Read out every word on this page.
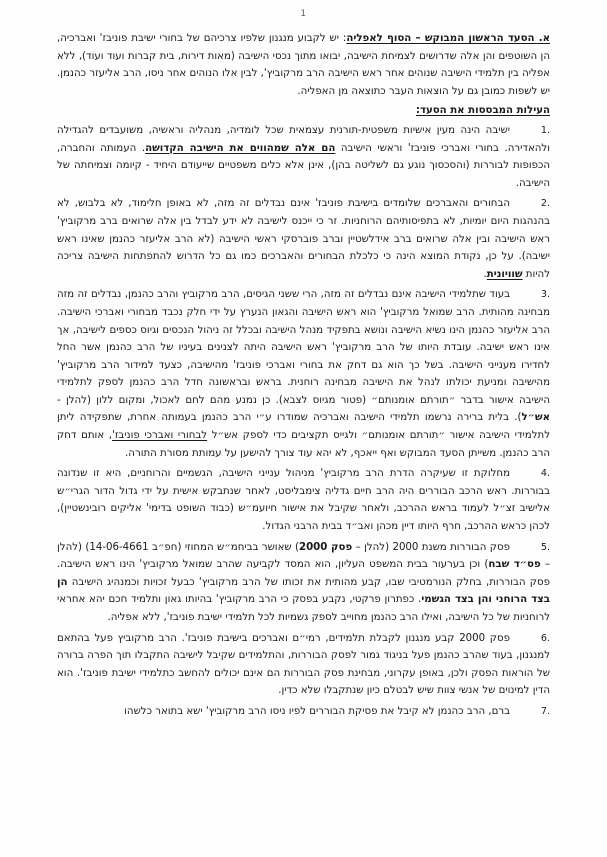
1

א. הסעד הראשון המבוקש – הסוף לאפליה: יש לקבוע מנגנון שלפיו צרכיהם של בחורי ישיבת פוניבז' ואברכיה, הן השוטפים והן אלה שדרושים לצמיחת הישיבה, יבואו מתוך נכסי הישיבה (מאות דירות, בית קברות ועוד ועוד), ללא אפליה בין תלמידי הישיבה שנוהים אחר ראש הישיבה הרב מרקוביץ', לבין אלו הנוהים אחר ניסו, הרב אליעזר כהנמן. יש לשפות כמובן גם על הוצאות העבר כתוצאה מן האפליה.

העילות המבססות את הסעד:

1.ישיבה הינה מעין אישיות משפטית-תורנית עצמאית שכל לומדיה, מנהליה וראשיה, משועבדים להגדילה ולהאדירה. בחורי ואברכי פוניבז' וראשי הישיבה הם אלה שמהווים את הישיבה הקדושה. העמותה והחברה, הכפופות לבוררות (והסכסוך נוגע גם לשליטה בהן), אינן אלא כלים משפטיים שייעודם היחיד - קיומה וצמיחתה של הישיבה.
2.הבחורים והאברכים שלומדים בישיבת פוניבז' אינם נבדלים זה מזה, לא באופן חלימוד, לא בלבוש, לא בהנהגות היום יומיות, לא בתפיסותיהם הרוחניות. זר כי ייכנס לישיבה לא ידע לבדל בין אלה שרואים ברב מרקוביץ' ראש הישיבה ובין אלה שרואים ברב אידלשטיין וברב פוברסקי ראשי הישיבה (לא הרב אליעזר כהנמן שאינו ראש ישיבה). על כן, נקודת המוצא הינה כי כלכלת הבחורים והאברכים כמו גם כל הדרוש להתפתחות הישיבה צריכה להיות שוויונית.
3.בעוד שתלמידי הישיבה אינם נבדלים זה מזה, הרי ששני הגיסים, הרב מרקוביץ והרב כהנמן, נבדלים זה מזה מבחינה מהותית. הרב שמואל מרקוביץ' הוא ראש הישיבה והגאון הנערץ על ידי חלק נכבד מבחורי ואברכי הישיבה. הרב אליעזר כהנמן הינו נשיא הישיבה ונושא בתפקיד מנהל הישיבה ובכלל זה ניהול הנכסים וגיוס כספים לישיבה, אך אינו ראש ישיבה. עובדת היותו של הרב מרקוביץ' ראש הישיבה היתה לצנינים בעיניו של הרב כהנמן אשר החל לחדירו מענייני הישיבה. בשל כך הוא גם דחק את בחורי ואברכי פוניבז' מהישיבה, כצעד למידור הרב מרקוביץ' מהישיבה ומניעת יכולתו לנהל את הישיבה מבחינה רוחנית. בראש ובראשונה חדל הרב כהנמן לספק לתלמידי הישיבה אישור בדבר ״תורתם אומנותם״ (פטור מגיוס לצבא). כן נמנע מהם לחם לאכול, ומקום ללון (להלן - אש״ל). בלית ברירה נרשמו תלמידי הישיבה ואברכיה שמודרו ע״י הרב כהנמן בעמותה אחרת, שתפקידה ליתן לתלמידי הישיבה אישור ״תורתם אומנותם״ ולגייס תקציבים כדי לספק אש״ל לבחורי ואברכי פוניבז', אותם דחק הרב כהנמן. משייתן הסעד המבוקש ואף ייאכף, לא יהא עוד צורך להישען על עמותת מסורת התורה.
4.מחלוקת זו שעיקרה הדרת הרב מרקוביץ' מניהול ענייני הישיבה, הגשמיים והרוחניים, היא זו שנדונה בבוררות. ראש הרכב הבוררים היה הרב חיים גדליה צימבליסט, לאחר שנתבקש אישית על ידי גדול הדור הגרי״ש אלישיב זצ״ל לעמוד בראש ההרכב, ולאחר שקיבל את אישור חיועמ״ש (כבוד השופט בדימי' אליקים רובינשטיין), לכהן כראש ההרכב, חרף היותו דיין מכהן ואב״ד בבית הרבני הגדול.
5.פסק הבוררות משנת 2000 (להלן – פסק 2000) שאושר בביחמ״ש המחוזי (חפ״ב 14-06-4661) (להלן – פס״ד שבח) וכן בערעור בבית המשפט העליון, הוא המסד לקביעה שהרב שמואל מרקוביץ' הינו ראש הישיבה. פסק הבוררות, בחלק הנורמטיבי שבו, קבע מהותית את זכותו של הרב מרקוביץ' כבעל זכויות וכמנהיג הישיבה הן בצד הרוחני והן בצד הגשמי. כפתרון פרקטי, נקבע בפסק כי הרב מרקוביץ' בהיותו גאון ותלמיד חכם יהא אחראי לרוחניות של כל הישיבה, ואילו הרב כהנמן מחוייב לספק גשמיות לכל תלמידי ישיבת פוניבז', ללא אפליה.
6.פסק 2000 קבע מנגנון לקבלת תלמידים, רמי״ם ואברכים בישיבת פוניבז'. הרב מרקוביץ פעל בהתאם למנגנון, בעוד שהרב כהנמן פעל בניגוד גמור לפסק הבוררות, והתלמידים שקיבל לישיבה התקבלו תוך הפרה ברורה של הוראות הפסק ולכן, באופן עקרוני, מבחינת פסק הבוררות הם אינם יכולים להחשב כתלמידי ישיבת פוניבז'. הוא הדין למינוים של אנשי צוות שיש לבטלם כיון שנתקבלו שלא כדין.
7.ברם, הרב כהנמן לא קיבל את פסיקת הבוררים לפיו ניסו הרב מרקוביץ' ישא בתואר כלשהו
